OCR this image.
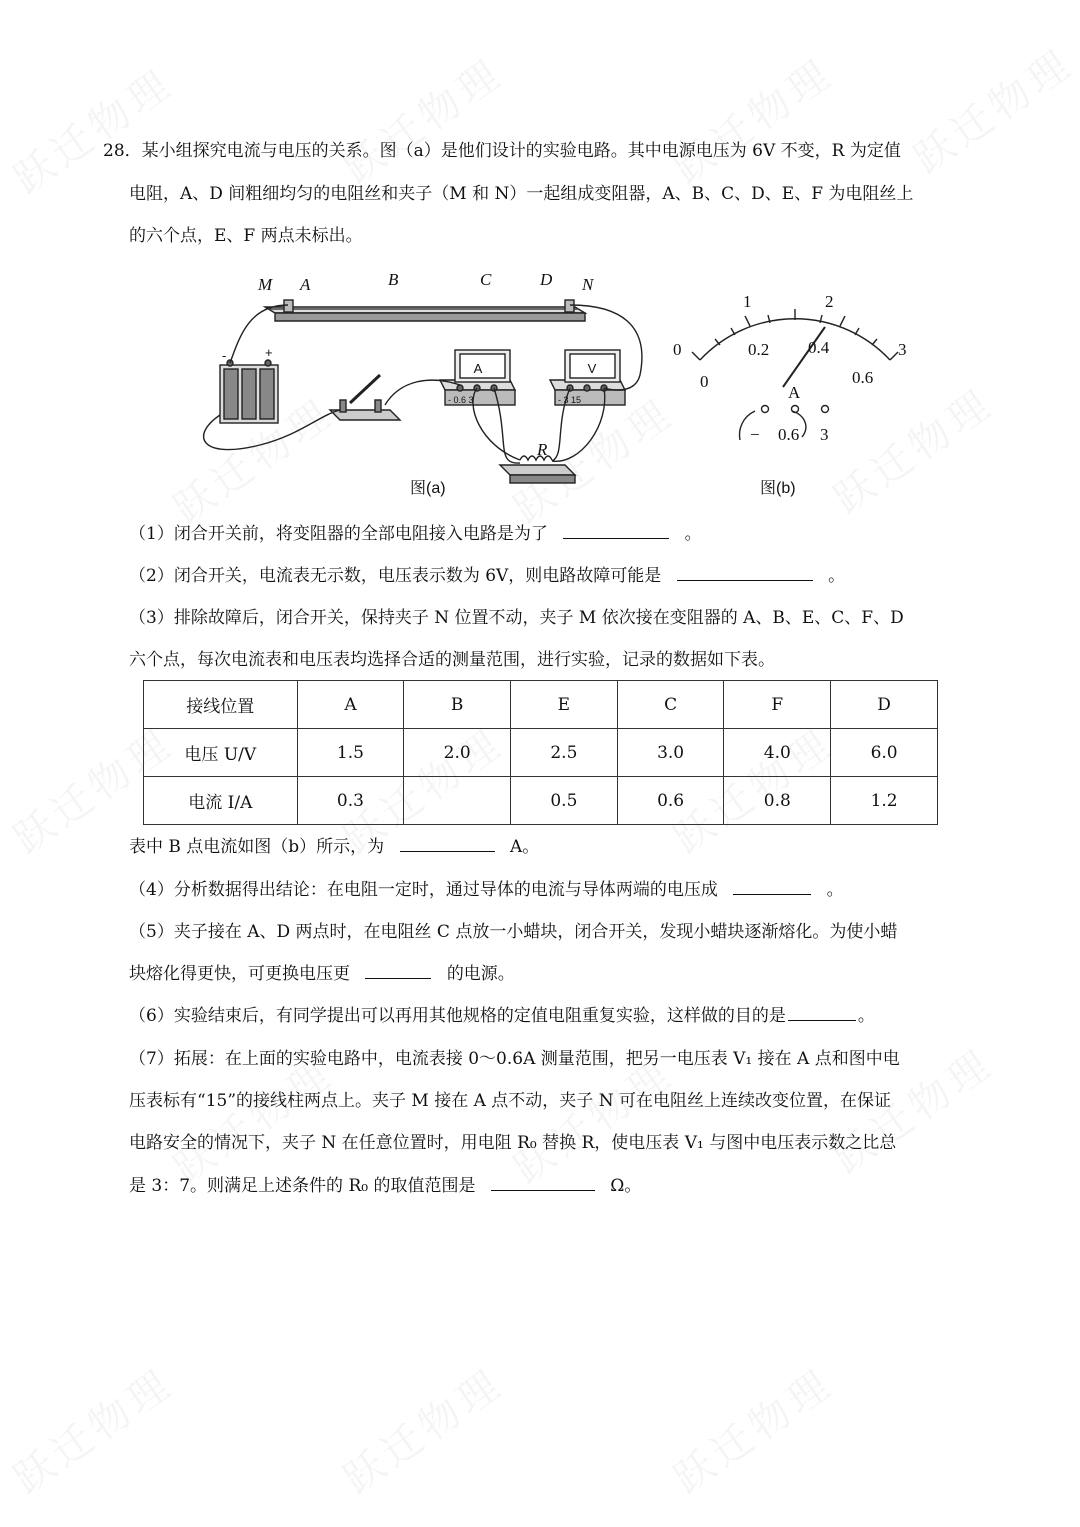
28．某小组探究电流与电压的关系。图（a）是他们设计的实验电路。其中电源电压为 6V 不变，R 为定值
电阻，A、D 间粗细均匀的电阻丝和夹子（M 和 N）一起组成变阻器，A、B、C、D、E、F 为电阻丝上
的六个点，E、F 两点未标出。
M A	B	C	D N
R
-	+
A
- 0.6 3
V
- 3 15
图(a)
0
1	2
3
0
0.2 0.4
0.6
A
− 0.6 3
图(b)
（1）闭合开关前，将变阻器的全部电阻接入电路是为了	。
（2）闭合开关，电流表无示数，电压表示数为 6V，则电路故障可能是	。
（3）排除故障后，闭合开关，保持夹子 N 位置不动，夹子 M 依次接在变阻器的 A、B、E、C、F、D
六个点，每次电流表和电压表均选择合适的测量范围，进行实验，记录的数据如下表。
接线位置	A	B	E	C	F	D
电压 U/V	1.5	2.0	2.5	3.0	4.0	6.0
电流 I/A	0.3		0.5	0.6	0.8	1.2
表中 B 点电流如图（b）所示，为	A。
（4）分析数据得出结论：在电阻一定时，通过导体的电流与导体两端的电压成	。
（5）夹子接在 A、D 两点时，在电阻丝 C 点放一小蜡块，闭合开关，发现小蜡块逐渐熔化。为使小蜡
块熔化得更快，可更换电压更	的电源。
（6）实验结束后，有同学提出可以再用其他规格的定值电阻重复实验，这样做的目的是	。
（7）拓展：在上面的实验电路中，电流表接 0～0.6A 测量范围，把另一电压表 V₁ 接在 A 点和图中电
压表标有“15”的接线柱两点上。夹子 M 接在 A 点不动，夹子 N 可在电阻丝上连续改变位置，在保证
电路安全的情况下，夹子 N 在任意位置时，用电阻 R₀ 替换 R，使电压表 V₁ 与图中电压表示数之比总
是 3：7。则满足上述条件的 R₀ 的取值范围是	Ω。
